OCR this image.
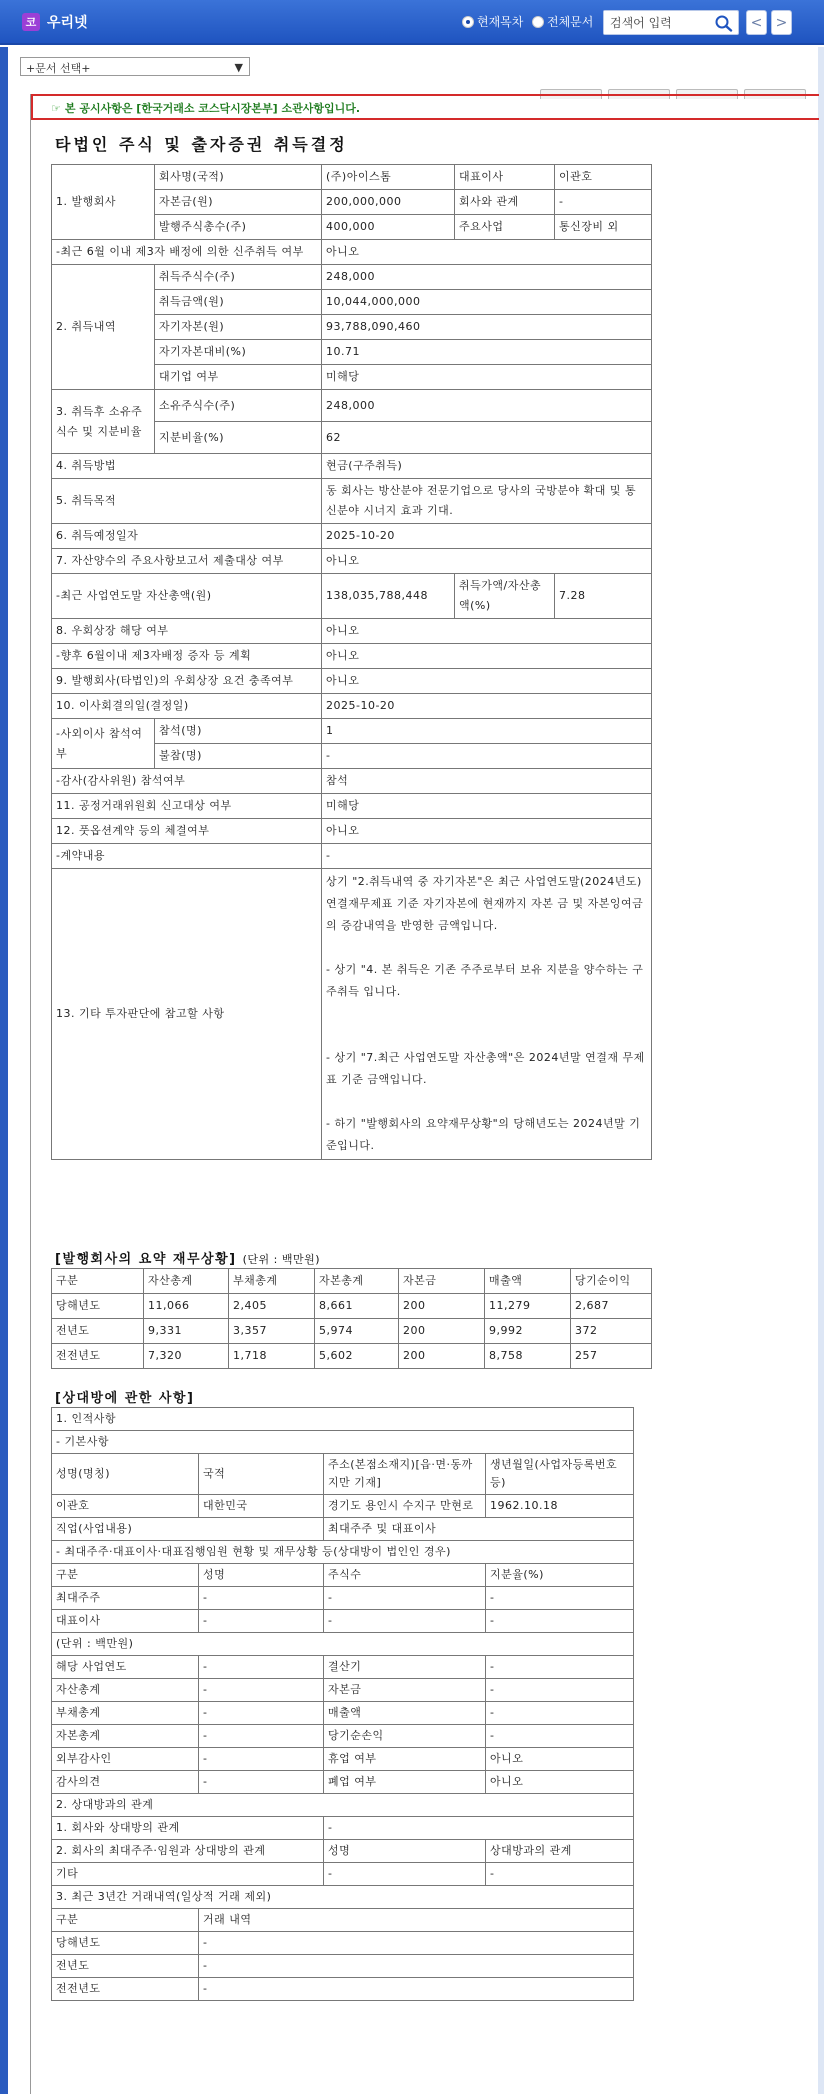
코 우리넷	현재목차 전체문서
검색어 입력	< >
+문서 선택+	▼
☞ 본 공시사항은 [한국거래소 코스닥시장본부] 소관사항입니다.
타법인 주식 및 출자증권 취득결정
1. 발행회사	회사명(국적)	(주)아이스톰	대표이사	이관호
	자본금(원)	200,000,000	회사와 관계	-
	발행주식총수(주)	400,000	주요사업	통신장비 외
-최근 6월 이내 제3자 배정에 의한 신주취득 여부		아니오		
2. 취득내역	취득주식수(주)	248,000		
	취득금액(원)	10,044,000,000		
	자기자본(원)	93,788,090,460		
	자기자본대비(%)	10.71		
	대기업 여부	미해당		
3. 취득후 소유주식수 및 지분비율	소유주식수(주)	248,000		
	지분비율(%)	62		
4. 취득방법		현금(구주취득)		
5. 취득목적		동 회사는 방산분야 전문기업으로 당사의 국방분야 확대 및 통신분야 시너지 효과 기대.		
6. 취득예정일자		2025-10-20		
7. 자산양수의 주요사항보고서 제출대상 여부		아니오		
-최근 사업연도말 자산총액(원)		138,035,788,448	취득가액/자산총액(%)	7.28
8. 우회상장 해당 여부		아니오		
-향후 6월이내 제3자배정 증자 등 계획		아니오		
9. 발행회사(타법인)의 우회상장 요건 충족여부		아니오		
10. 이사회결의일(결정일)		2025-10-20		
-사외이사 참석여부	참석(명)	1		
	불참(명)	-		
-감사(감사위원) 참석여부		참석		
11. 공정거래위원회 신고대상 여부		미해당		
12. 풋옵션계약 등의 체결여부		아니오		
-계약내용		-		
13. 기타 투자판단에 참고할 사항		상기 "2.취득내역 중 자기자본"은 최근 사업연도말(2024년도)연결재무제표 기준 자기자본에 현재까지 자본 금 및 자본잉여금의 증감내역을 반영한 금액입니다.
- 상기 "4. 본 취득은 기존 주주로부터 보유 지분을 양수하는 구주취득 입니다.
- 상기 "7.최근 사업연도말 자산총액"은 2024년말 연결재 무제표 기준 금액입니다.
- 하기 "발행회사의 요약재무상황"의 당해년도는 2024년말 기준입니다.		
[발행회사의 요약 재무상황] (단위 : 백만원)
구분	자산총계	부채총계	자본총계	자본금	매출액	당기순이익
당해년도	11,066	2,405	8,661	200	11,279	2,687
전년도	9,331	3,357	5,974	200	9,992	372
전전년도	7,320	1,718	5,602	200	8,758	257
[상대방에 관한 사항]
1. 인적사항			
- 기본사항			
성명(명칭)	국적	주소(본점소재지)[읍·면·동까지만 기재]	생년월일(사업자등록번호 등)
이관호	대한민국	경기도 용인시 수지구 만현로	1962.10.18
직업(사업내용)		최대주주 및 대표이사	
- 최대주주·대표이사·대표집행임원 현황 및 재무상황 등(상대방이 법인인 경우)			
구분	성명	주식수	지분율(%)
최대주주	-	-	-
대표이사	-	-	-
(단위 : 백만원)			
해당 사업연도	-	결산기	-
자산총계	-	자본금	-
부채총계	-	매출액	-
자본총계	-	당기순손익	-
외부감사인	-	휴업 여부	아니오
감사의견	-	폐업 여부	아니오
2. 상대방과의 관계			
1. 회사와 상대방의 관계		-	
2. 회사의 최대주주·임원과 상대방의 관계		성명	상대방과의 관계
기타		-	-
3. 최근 3년간 거래내역(일상적 거래 제외)			
구분	거래 내역		
당해년도	-		
전년도	-		
전전년도	-		
